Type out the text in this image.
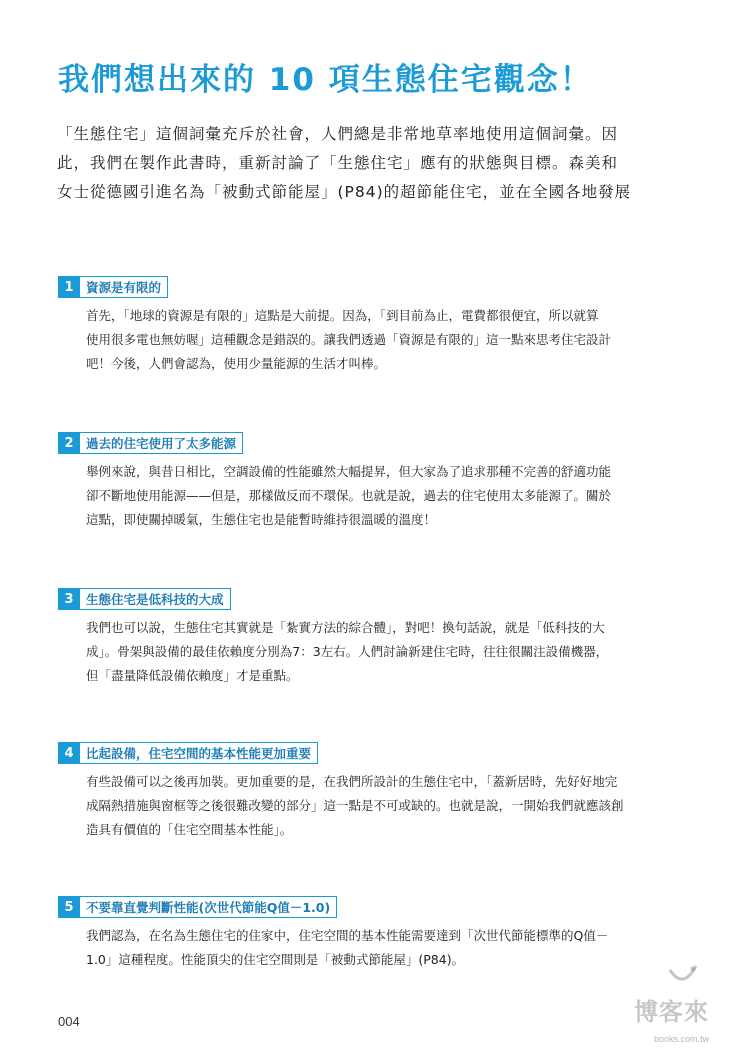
我們想出來的 10 項生態住宅觀念！

「生態住宅」這個詞彙充斥於社會，人們總是非常地草率地使用這個詞彙。因

此，我們在製作此書時，重新討論了「生態住宅」應有的狀態與目標。森美和

女士從德國引進名為「被動式節能屋」(P84)的超節能住宅，並在全國各地發展

1 資源是有限的

首先，「地球的資源是有限的」這點是大前提。因為，「到目前為止，電費都很便宜，所以就算

使用很多電也無妨喔」這種觀念是錯誤的。讓我們透過「資源是有限的」這一點來思考住宅設計

吧！今後，人們會認為，使用少量能源的生活才叫棒。

2 過去的住宅使用了太多能源

舉例來說，與昔日相比，空調設備的性能雖然大幅提昇，但大家為了追求那種不完善的舒適功能

卻不斷地使用能源——但是，那樣做反而不環保。也就是說，過去的住宅使用太多能源了。關於

這點，即使關掉暖氣，生態住宅也是能暫時維持很溫暖的溫度！

3 生態住宅是低科技的大成

我們也可以說，生態住宅其實就是「紮實方法的綜合體」，對吧！換句話說，就是「低科技的大

成」。骨架與設備的最佳依賴度分別為7：3左右。人們討論新建住宅時，往往很關注設備機器，

但「盡量降低設備依賴度」才是重點。

4 比起設備，住宅空間的基本性能更加重要

有些設備可以之後再加裝。更加重要的是，在我們所設計的生態住宅中，「蓋新居時，先好好地完

成隔熱措施與窗框等之後很難改變的部分」這一點是不可或缺的。也就是說，一開始我們就應該創

造具有價值的「住宅空間基本性能」。

5 不要靠直覺判斷性能(次世代節能Q值－1.0)

我們認為，在名為生態住宅的住家中，住宅空間的基本性能需要達到「次世代節能標準的Q值－

1.0」這種程度。性能頂尖的住宅空間則是「被動式節能屋」(P84)。

004	博客來
books.com.tw
